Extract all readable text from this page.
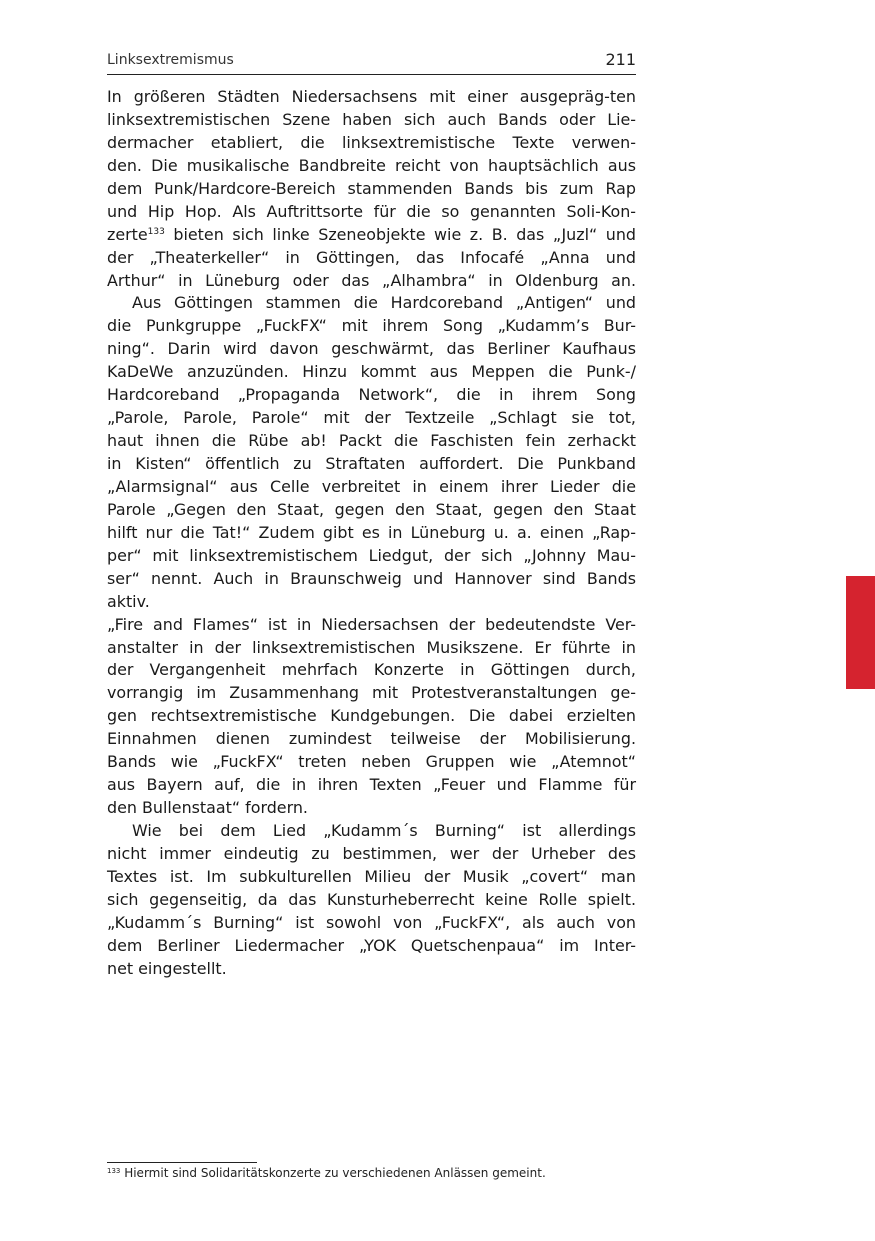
Linksextremismus	211
In größeren Städten Niedersachsens mit einer ausgepräg-ten
linksextremistischen Szene haben sich auch Bands oder Lie-
dermacher etabliert, die linksextremistische Texte verwen-
den. Die musikalische Bandbreite reicht von hauptsächlich aus
dem Punk/Hardcore-Bereich stammenden Bands bis zum Rap
und Hip Hop. Als Auftrittsorte für die so genannten Soli-Kon-
zerte$^{133}$ bieten sich linke Szeneobjekte wie z. B. das „Juzl“ und
der „Theaterkeller“ in Göttingen, das Infocafé „Anna und
Arthur“ in Lüneburg oder das „Alhambra“ in Oldenburg an.
Aus Göttingen stammen die Hardcoreband „Antigen“ und
die Punkgruppe „FuckFX“ mit ihrem Song „Kudamm’s Bur-
ning“. Darin wird davon geschwärmt, das Berliner Kaufhaus
KaDeWe anzuzünden. Hinzu kommt aus Meppen die Punk-/
Hardcoreband „Propaganda Network“, die in ihrem Song
„Parole, Parole, Parole“ mit der Textzeile „Schlagt sie tot,
haut ihnen die Rübe ab! Packt die Faschisten fein zerhackt
in Kisten“ öffentlich zu Straftaten auffordert. Die Punkband
„Alarmsignal“ aus Celle verbreitet in einem ihrer Lieder die
Parole „Gegen den Staat, gegen den Staat, gegen den Staat
hilft nur die Tat!“ Zudem gibt es in Lüneburg u. a. einen „Rap-
per“ mit linksextremistischem Liedgut, der sich „Johnny Mau-
ser“ nennt. Auch in Braunschweig und Hannover sind Bands
aktiv.
„Fire and Flames“ ist in Niedersachsen der bedeutendste Ver-
anstalter in der linksextremistischen Musikszene. Er führte in
der Vergangenheit mehrfach Konzerte in Göttingen durch,
vorrangig im Zusammenhang mit Protestveranstaltungen ge-
gen rechtsextremistische Kundgebungen. Die dabei erzielten
Einnahmen dienen zumindest teilweise der Mobilisierung.
Bands wie „FuckFX“ treten neben Gruppen wie „Atemnot“
aus Bayern auf, die in ihren Texten „Feuer und Flamme für
den Bullenstaat“ fordern.
Wie bei dem Lied „Kudamm´s Burning“ ist allerdings
nicht immer eindeutig zu bestimmen, wer der Urheber des
Textes ist. Im subkulturellen Milieu der Musik „covert“ man
sich gegenseitig, da das Kunsturheberrecht keine Rolle spielt.
„Kudamm´s Burning“ ist sowohl von „FuckFX“, als auch von
dem Berliner Liedermacher „YOK Quetschenpaua“ im Inter-
net eingestellt.
$^{133}$ Hiermit sind Solidaritätskonzerte zu verschiedenen Anlässen gemeint.
